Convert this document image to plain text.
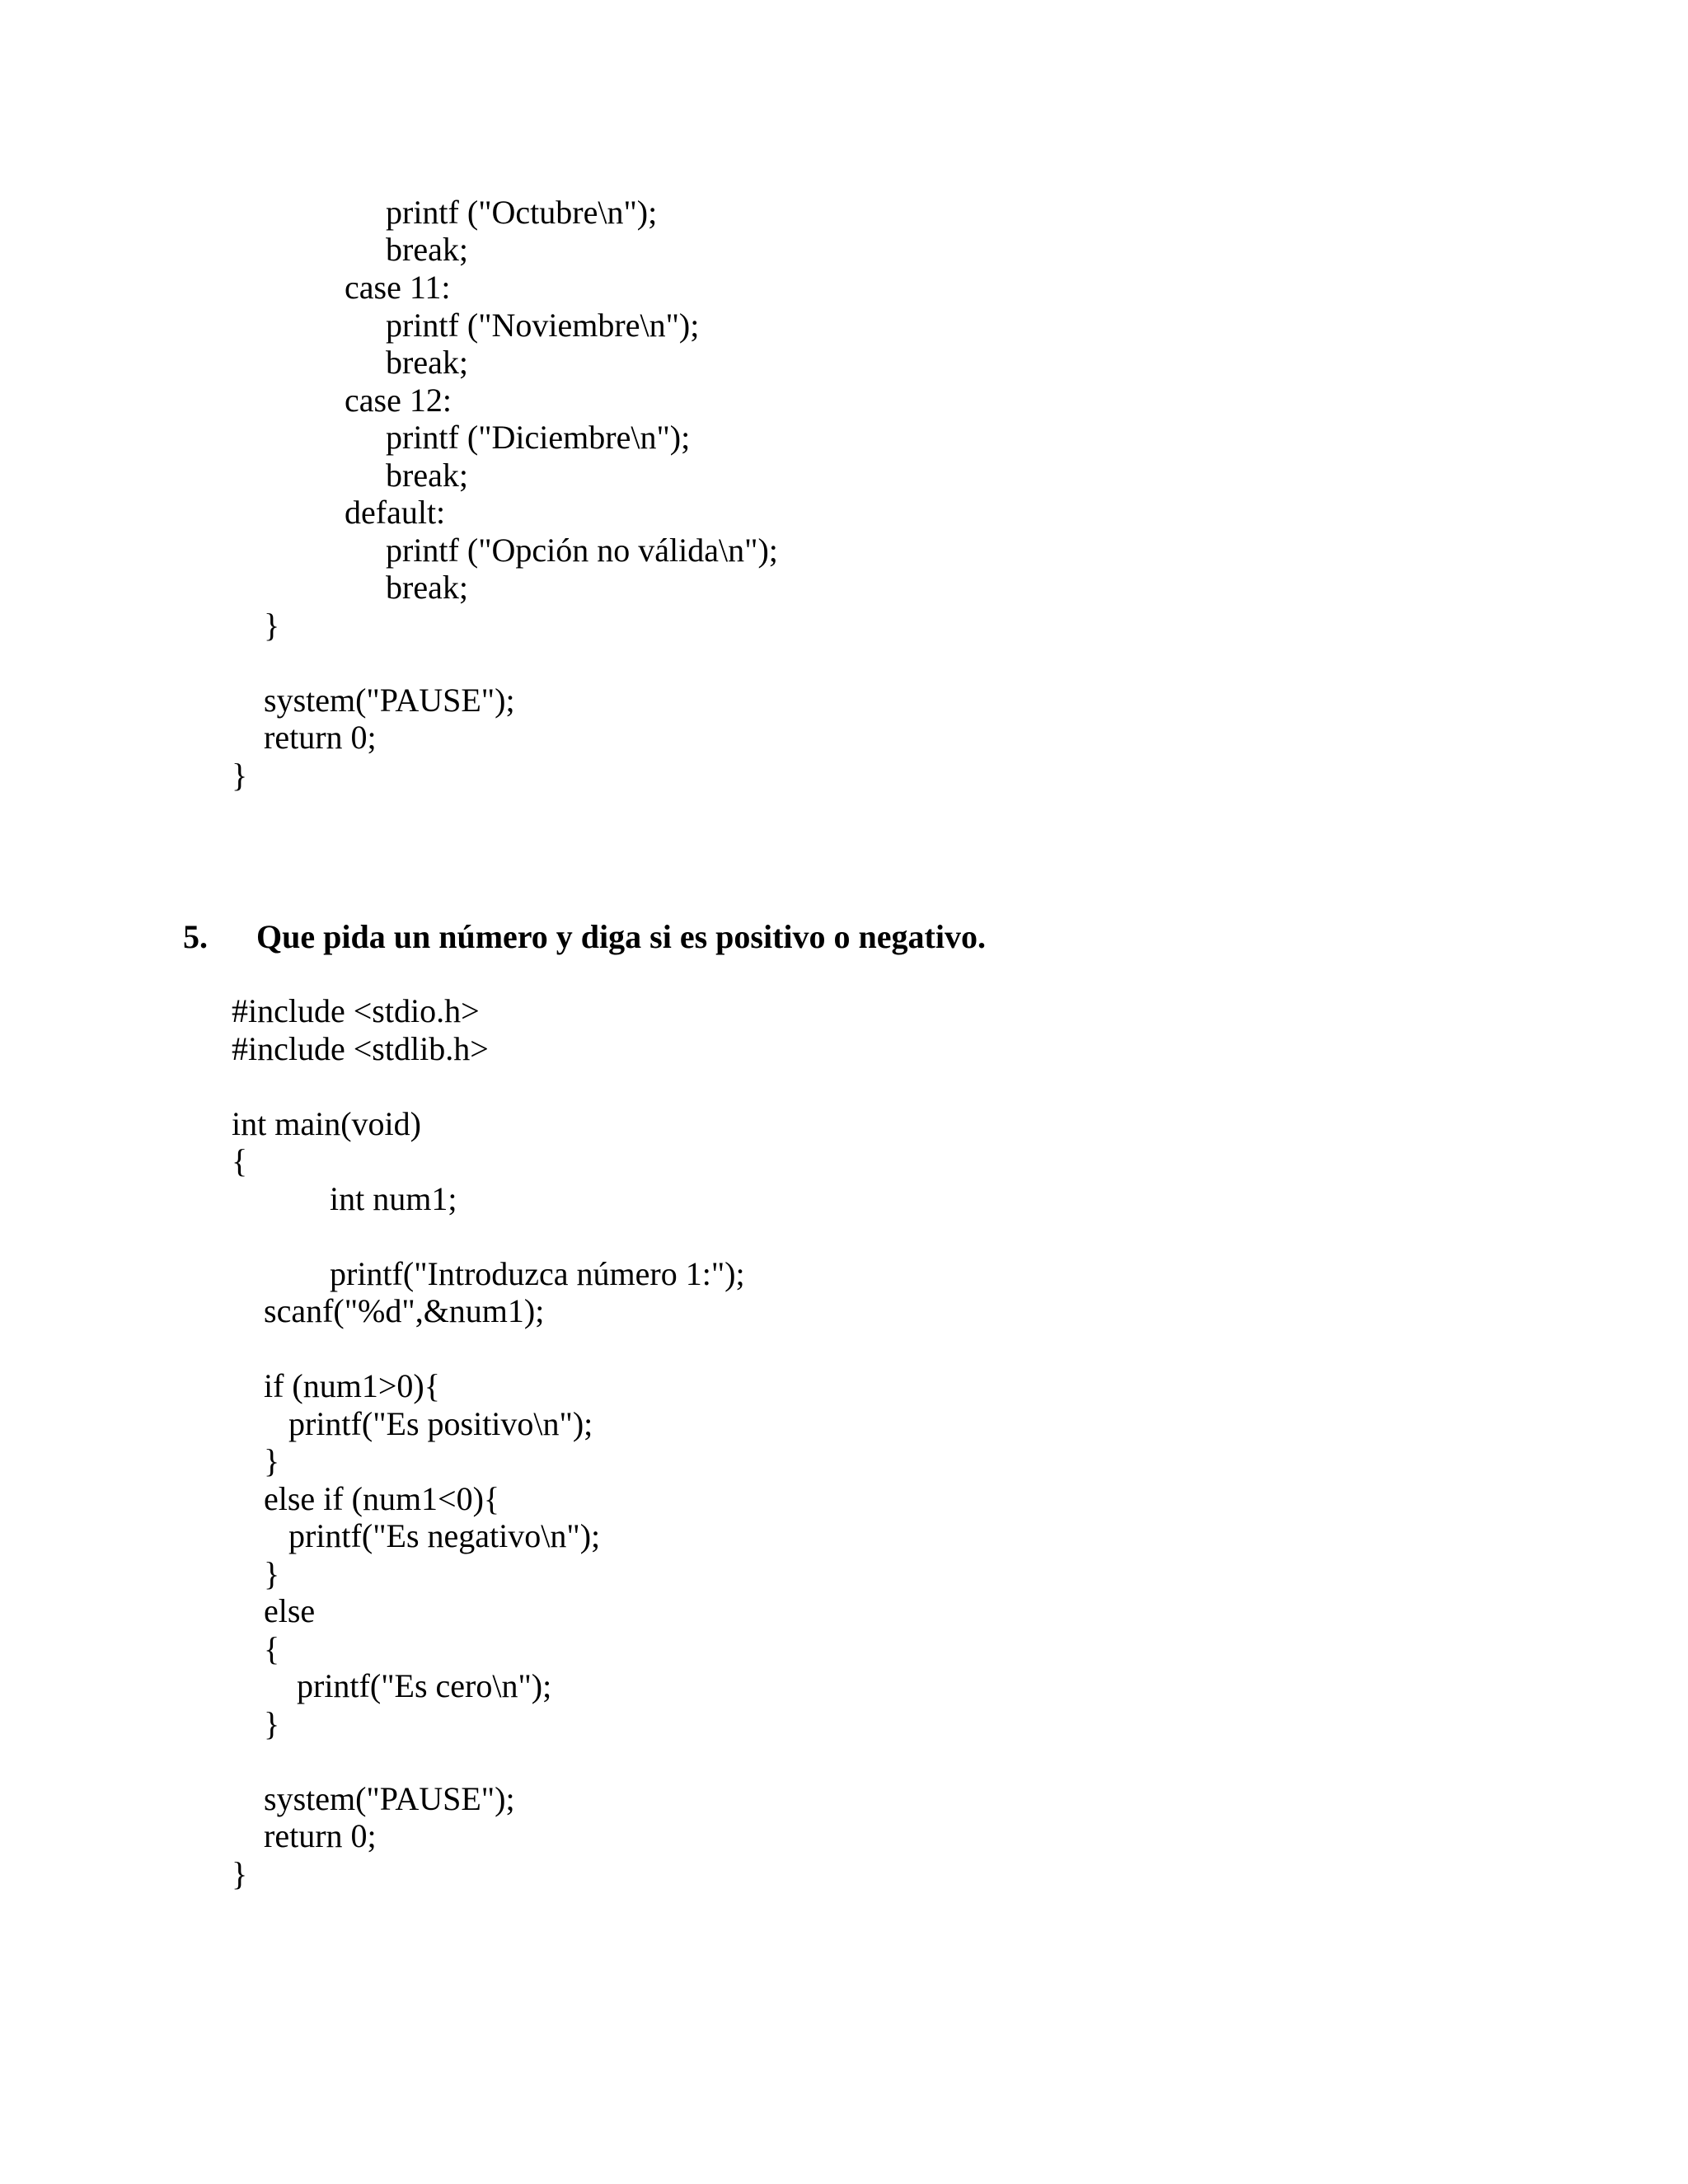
printf ("Octubre\n");
break;
case 11:
printf ("Noviembre\n");
break;
case 12:
printf ("Diciembre\n");
break;
default:
printf ("Opción no válida\n");
break;
}
system("PAUSE");
return 0;
}
5. Que pida un número y diga si es positivo o negativo.
#include <stdio.h>
#include <stdlib.h>
int main(void)
{
int num1;
printf("Introduzca número 1:");
scanf("%d",&num1);
if (num1>0){
printf("Es positivo\n");
}
else if (num1<0){
printf("Es negativo\n");
}
else
{
printf("Es cero\n");
}
system("PAUSE");
return 0;
}
